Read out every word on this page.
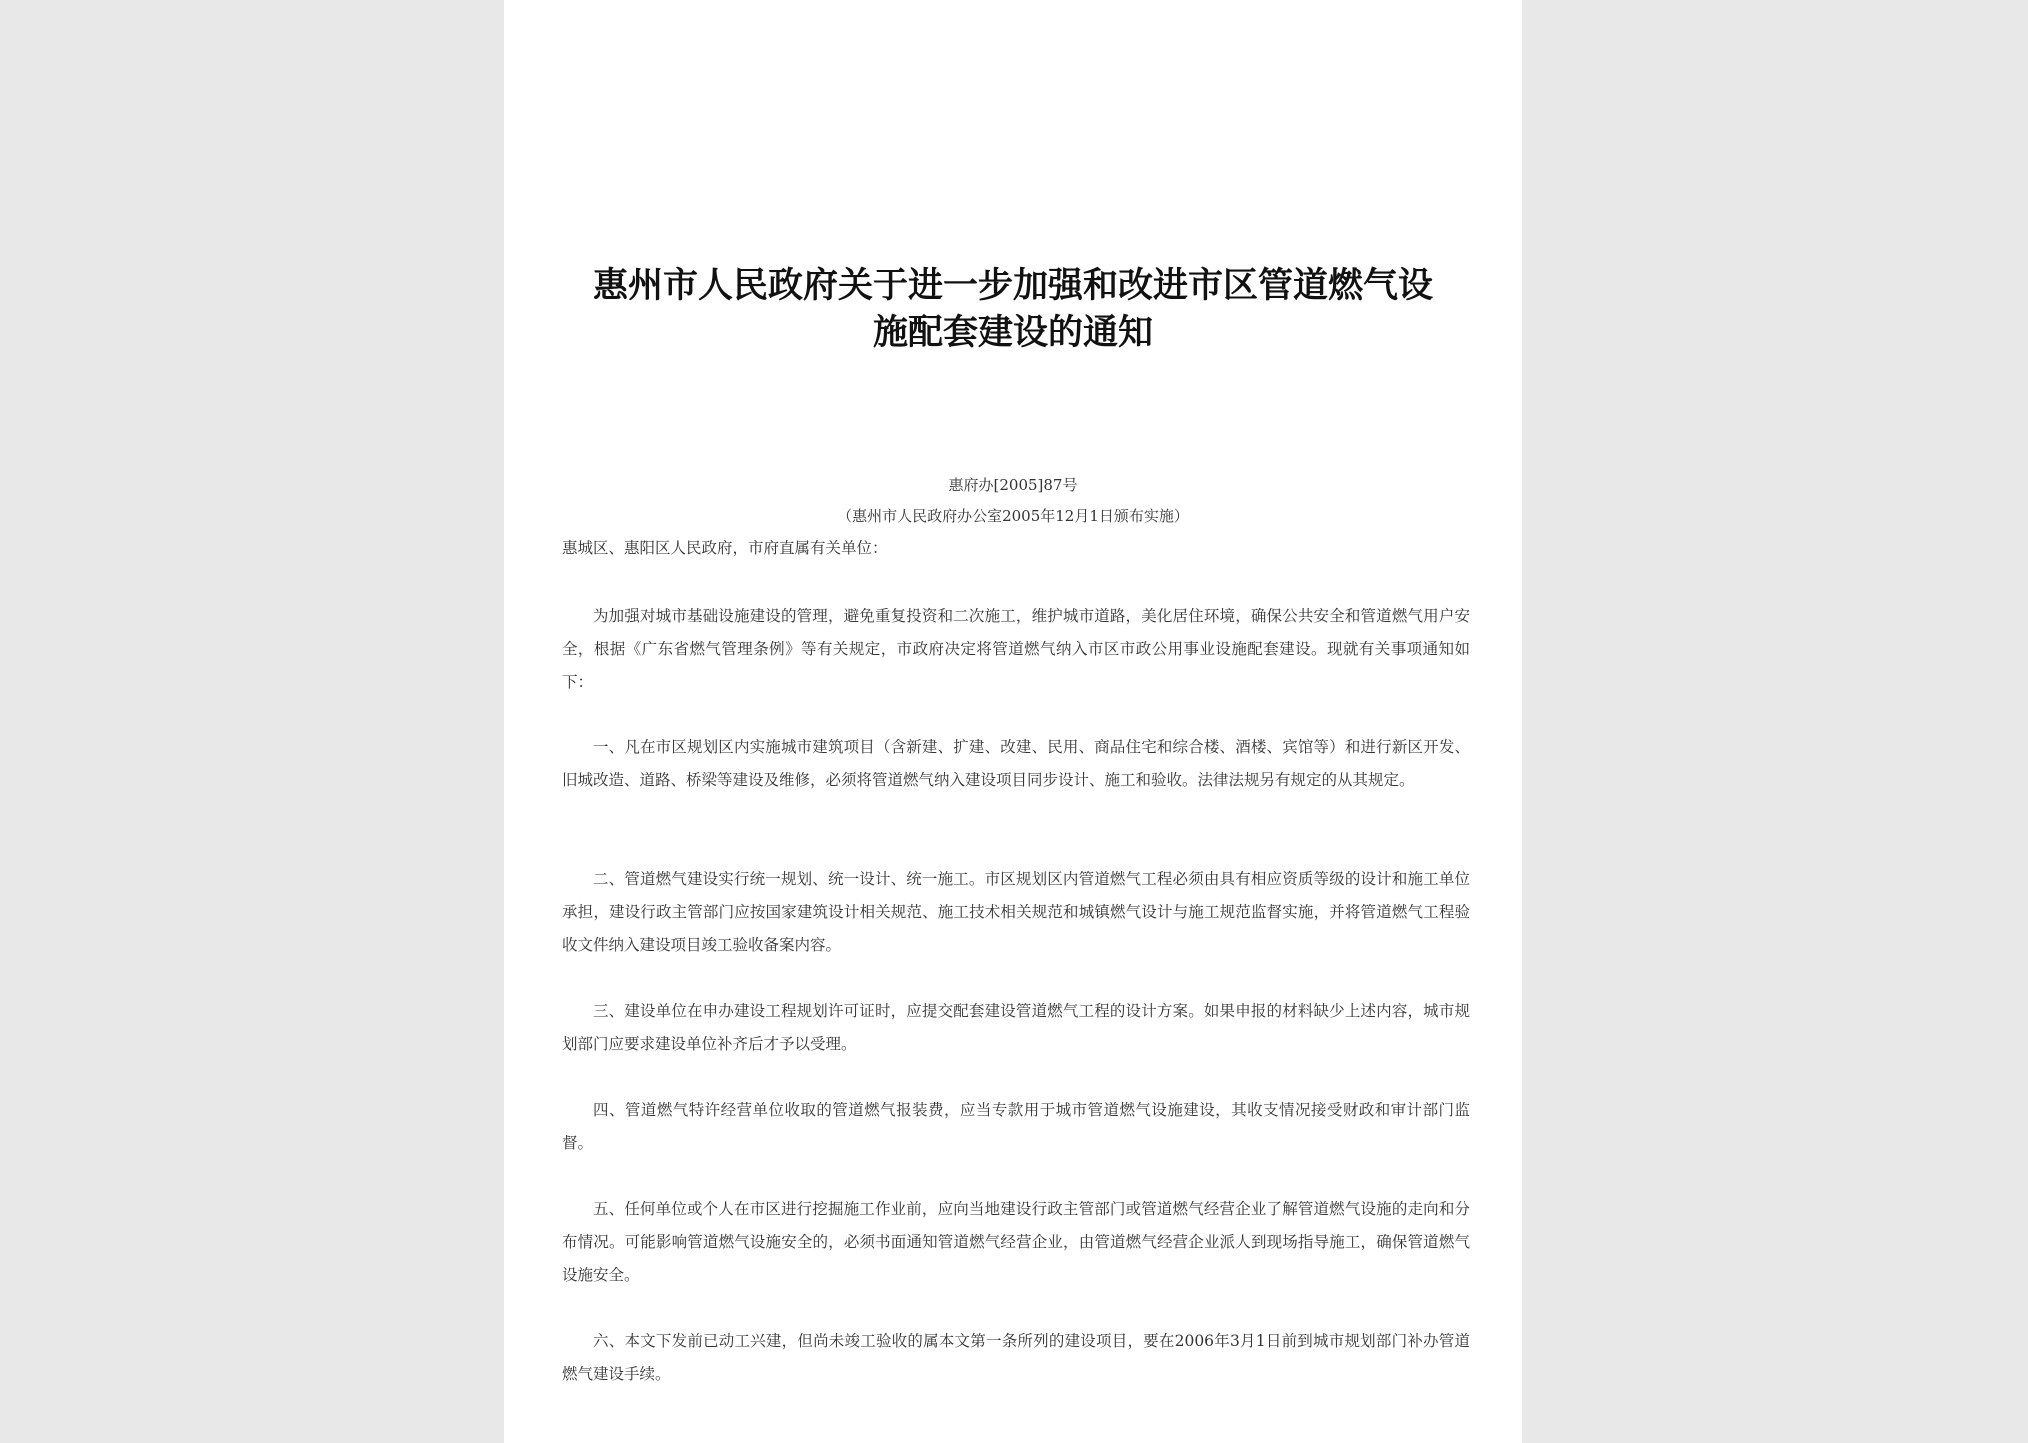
惠州市人民政府关于进一步加强和改进市区管道燃气设
施配套建设的通知
惠府办[2005]87号
（惠州市人民政府办公室2005年12月1日颁布实施）
惠城区、惠阳区人民政府，市府直属有关单位：

为加强对城市基础设施建设的管理，避免重复投资和二次施工，维护城市道路，美化居住环境，确保公共安全和管道燃气用户安全，根据《广东省燃气管理条例》等有关规定，市政府决定将管道燃气纳入市区市政公用事业设施配套建设。现就有关事项通知如下：

一、凡在市区规划区内实施城市建筑项目（含新建、扩建、改建、民用、商品住宅和综合楼、酒楼、宾馆等）和进行新区开发、旧城改造、道路、桥梁等建设及维修，必须将管道燃气纳入建设项目同步设计、施工和验收。法律法规另有规定的从其规定。

二、管道燃气建设实行统一规划、统一设计、统一施工。市区规划区内管道燃气工程必须由具有相应资质等级的设计和施工单位承担，建设行政主管部门应按国家建筑设计相关规范、施工技术相关规范和城镇燃气设计与施工规范监督实施，并将管道燃气工程验收文件纳入建设项目竣工验收备案内容。

三、建设单位在申办建设工程规划许可证时，应提交配套建设管道燃气工程的设计方案。如果申报的材料缺少上述内容，城市规划部门应要求建设单位补齐后才予以受理。

四、管道燃气特许经营单位收取的管道燃气报装费，应当专款用于城市管道燃气设施建设，其收支情况接受财政和审计部门监督。

五、任何单位或个人在市区进行挖掘施工作业前，应向当地建设行政主管部门或管道燃气经营企业了解管道燃气设施的走向和分布情况。可能影响管道燃气设施安全的，必须书面通知管道燃气经营企业，由管道燃气经营企业派人到现场指导施工，确保管道燃气设施安全。

六、本文下发前已动工兴建，但尚未竣工验收的属本文第一条所列的建设项目，要在2006年3月1日前到城市规划部门补办管道燃气建设手续。
